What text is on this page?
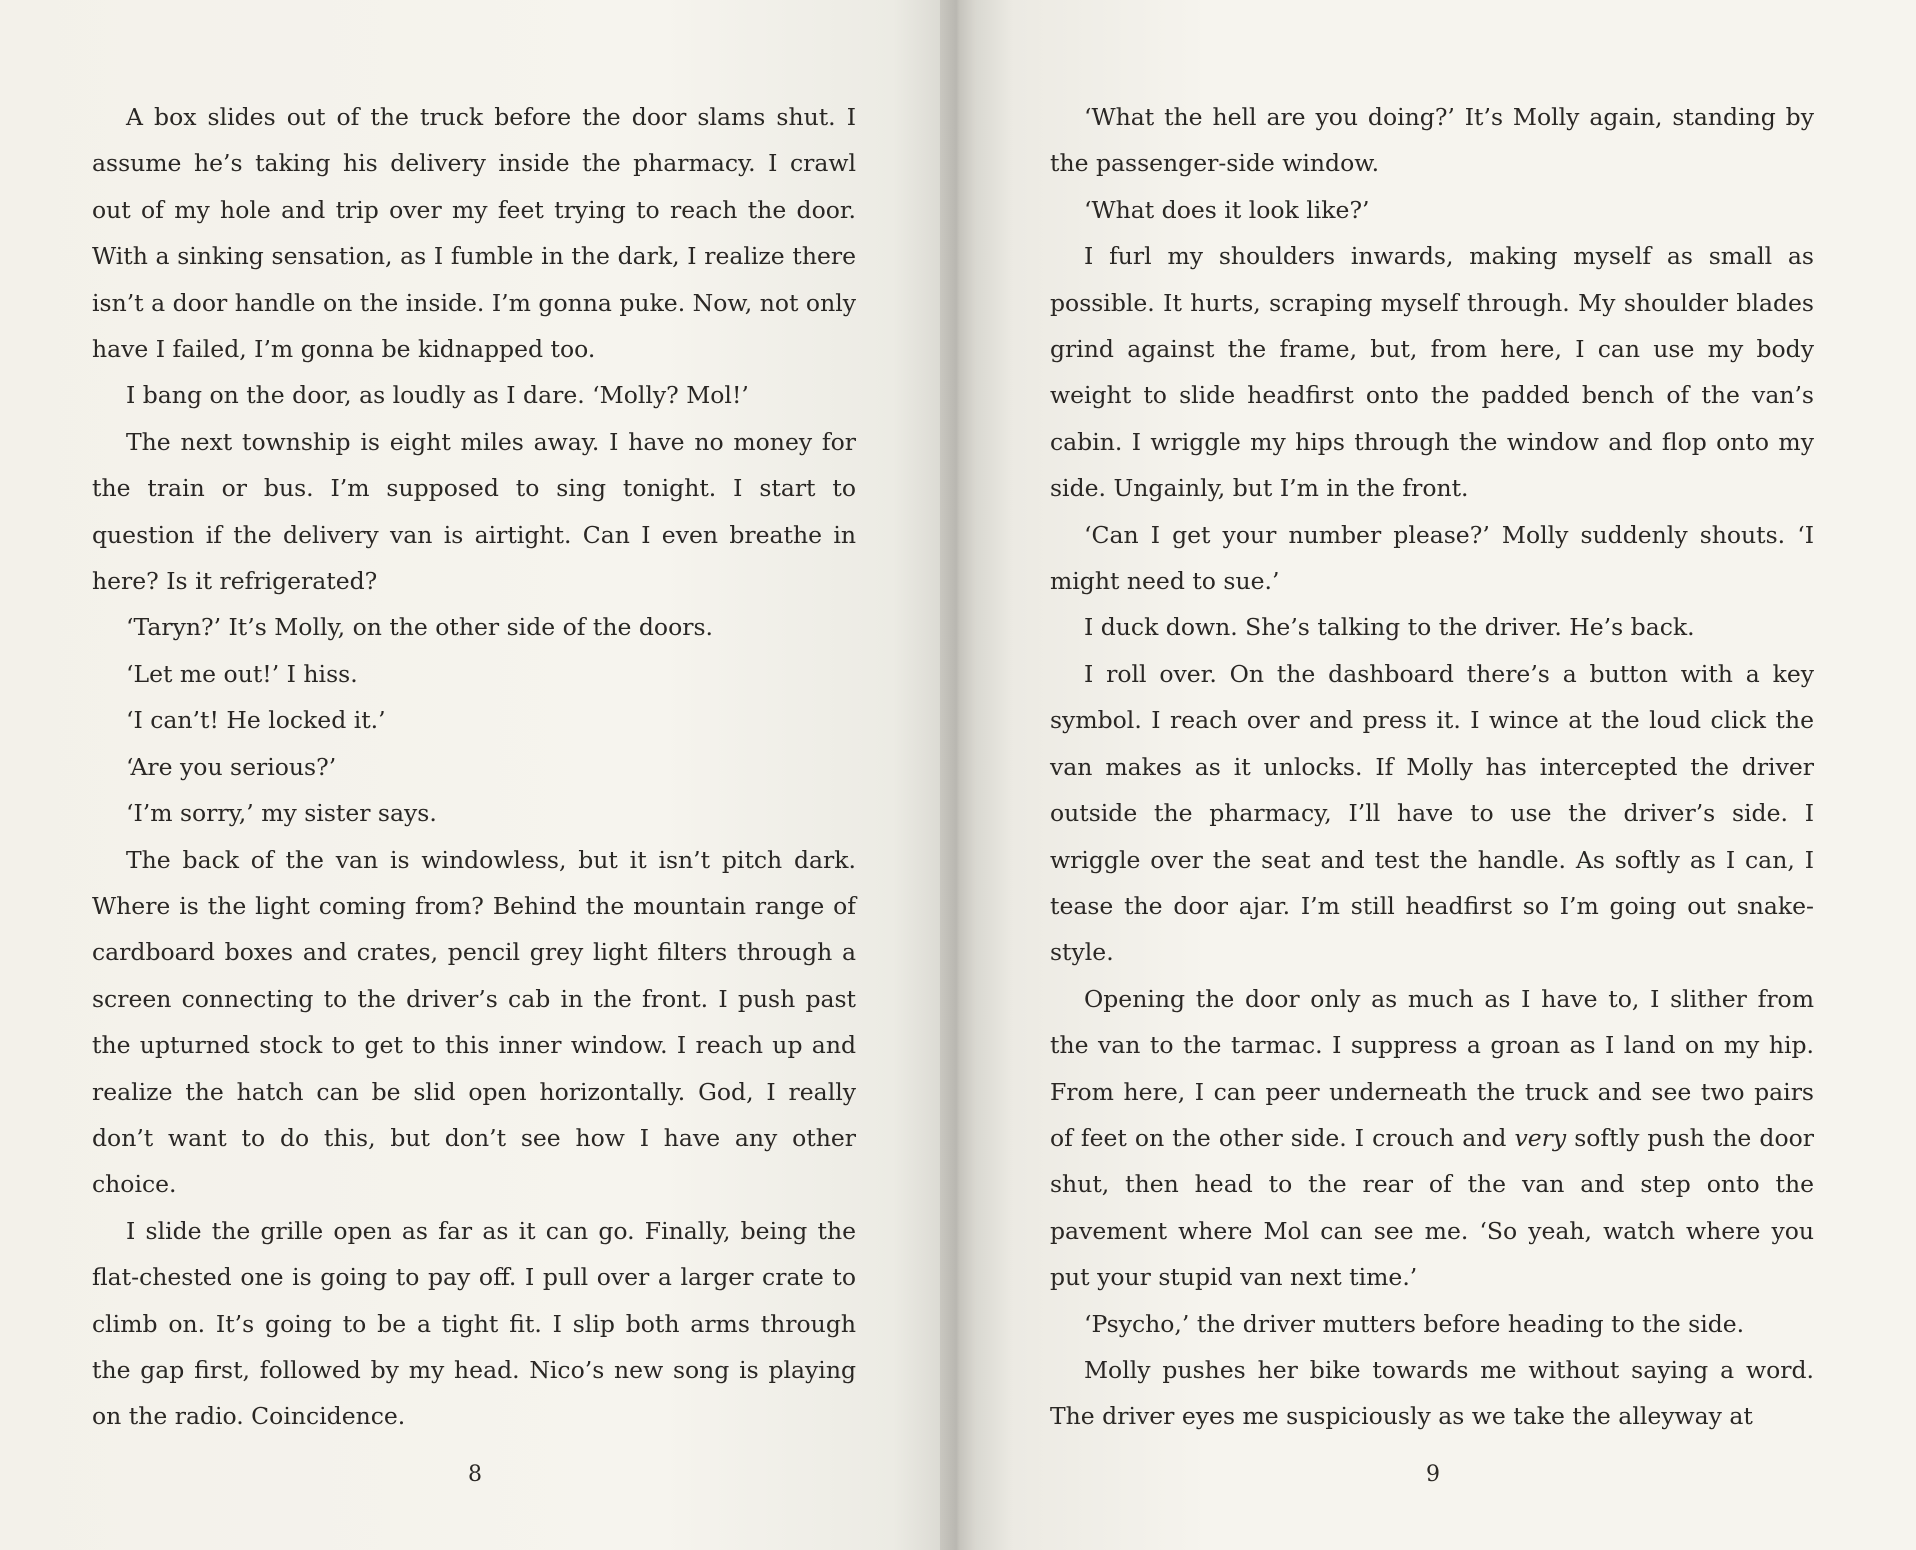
A box slides out of the truck before the door slams shut. I assume he’s taking his delivery inside the pharmacy. I crawl out of my hole and trip over my feet trying to reach the door. With a sinking sensation, as I fumble in the dark, I realize there isn’t a door handle on the inside. I’m gonna puke. Now, not only have I failed, I’m gonna be kidnapped too.

I bang on the door, as loudly as I dare. ‘Molly? Mol!’

The next township is eight miles away. I have no money for the train or bus. I’m supposed to sing tonight. I start to question if the delivery van is airtight. Can I even breathe in here? Is it refrigerated?

‘Taryn?’ It’s Molly, on the other side of the doors.

‘Let me out!’ I hiss.

‘I can’t! He locked it.’

‘Are you serious?’

‘I’m sorry,’ my sister says.

The back of the van is windowless, but it isn’t pitch dark. Where is the light coming from? Behind the mountain range of cardboard boxes and crates, pencil grey light filters through a screen connecting to the driver’s cab in the front. I push past the upturned stock to get to this inner window. I reach up and realize the hatch can be slid open horizontally. God, I really don’t want to do this, but don’t see how I have any other choice.

I slide the grille open as far as it can go. Finally, being the flat-chested one is going to pay off. I pull over a larger crate to climb on. It’s going to be a tight fit. I slip both arms through the gap first, followed by my head. Nico’s new song is playing on the radio. Coincidence.

8

‘What the hell are you doing?’ It’s Molly again, standing by the passenger-side window.

‘What does it look like?’

I furl my shoulders inwards, making myself as small as possible. It hurts, scraping myself through. My shoulder blades grind against the frame, but, from here, I can use my body weight to slide headfirst onto the padded bench of the van’s cabin. I wriggle my hips through the window and flop onto my side. Ungainly, but I’m in the front.

‘Can I get your number please?’ Molly suddenly shouts. ‘I might need to sue.’

I duck down. She’s talking to the driver. He’s back.

I roll over. On the dashboard there’s a button with a key symbol. I reach over and press it. I wince at the loud click the van makes as it unlocks. If Molly has intercepted the driver outside the pharmacy, I’ll have to use the driver’s side. I wriggle over the seat and test the handle. As softly as I can, I tease the door ajar. I’m still headfirst so I’m going out snake-style.

Opening the door only as much as I have to, I slither from the van to the tarmac. I suppress a groan as I land on my hip. From here, I can peer underneath the truck and see two pairs of feet on the other side. I crouch and very softly push the door shut, then head to the rear of the van and step onto the pavement where Mol can see me. ‘So yeah, watch where you put your stupid van next time.’

‘Psycho,’ the driver mutters before heading to the side.

Molly pushes her bike towards me without saying a word. The driver eyes me suspiciously as we take the alleyway at

9
